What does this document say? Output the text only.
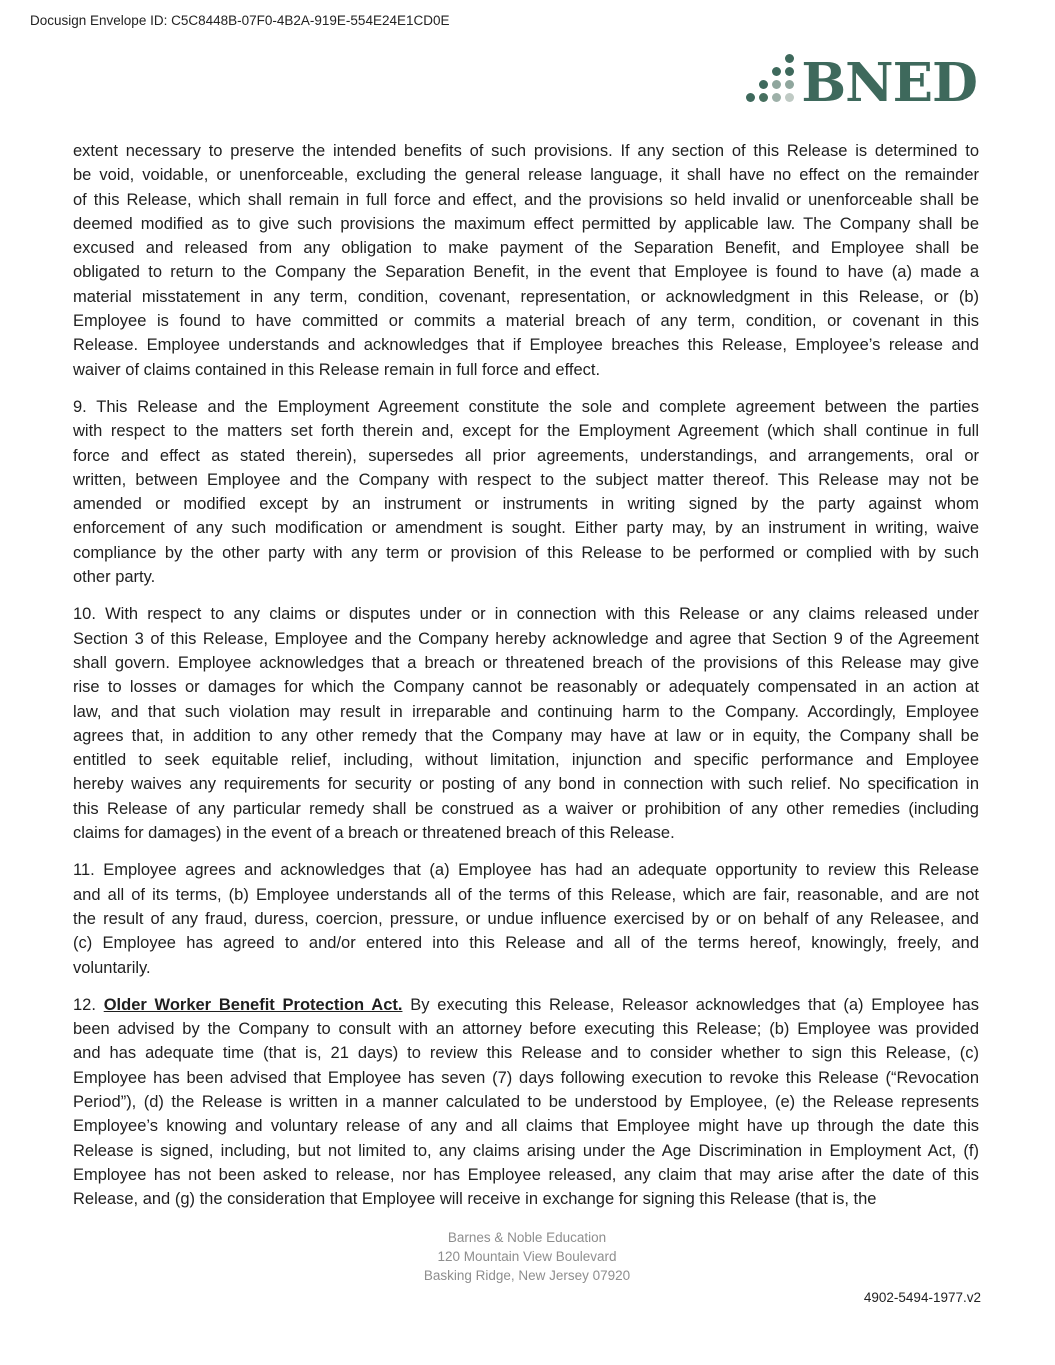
Docusign Envelope ID: C5C8448B-07F0-4B2A-919E-554E24E1CD0E
BNED
extent necessary to preserve the intended benefits of such provisions. If any section of this Release is determined to
be void, voidable, or unenforceable, excluding the general release language, it shall have no effect on the remainder
of this Release, which shall remain in full force and effect, and the provisions so held invalid or unenforceable shall be
deemed modified as to give such provisions the maximum effect permitted by applicable law. The Company shall be
excused and released from any obligation to make payment of the Separation Benefit, and Employee shall be
obligated to return to the Company the Separation Benefit, in the event that Employee is found to have (a) made a
material misstatement in any term, condition, covenant, representation, or acknowledgment in this Release, or (b)
Employee is found to have committed or commits a material breach of any term, condition, or covenant in this
Release. Employee understands and acknowledges that if Employee breaches this Release, Employee’s release and
waiver of claims contained in this Release remain in full force and effect.
9. This Release and the Employment Agreement constitute the sole and complete agreement between the parties
with respect to the matters set forth therein and, except for the Employment Agreement (which shall continue in full
force and effect as stated therein), supersedes all prior agreements, understandings, and arrangements, oral or
written, between Employee and the Company with respect to the subject matter thereof. This Release may not be
amended or modified except by an instrument or instruments in writing signed by the party against whom
enforcement of any such modification or amendment is sought. Either party may, by an instrument in writing, waive
compliance by the other party with any term or provision of this Release to be performed or complied with by such
other party.
10. With respect to any claims or disputes under or in connection with this Release or any claims released under
Section 3 of this Release, Employee and the Company hereby acknowledge and agree that Section 9 of the Agreement
shall govern. Employee acknowledges that a breach or threatened breach of the provisions of this Release may give
rise to losses or damages for which the Company cannot be reasonably or adequately compensated in an action at
law, and that such violation may result in irreparable and continuing harm to the Company. Accordingly, Employee
agrees that, in addition to any other remedy that the Company may have at law or in equity, the Company shall be
entitled to seek equitable relief, including, without limitation, injunction and specific performance and Employee
hereby waives any requirements for security or posting of any bond in connection with such relief. No specification in
this Release of any particular remedy shall be construed as a waiver or prohibition of any other remedies (including
claims for damages) in the event of a breach or threatened breach of this Release.
11. Employee agrees and acknowledges that (a) Employee has had an adequate opportunity to review this Release
and all of its terms, (b) Employee understands all of the terms of this Release, which are fair, reasonable, and are not
the result of any fraud, duress, coercion, pressure, or undue influence exercised by or on behalf of any Releasee, and
(c) Employee has agreed to and/or entered into this Release and all of the terms hereof, knowingly, freely, and
voluntarily.
12. Older Worker Benefit Protection Act. By executing this Release, Releasor acknowledges that (a) Employee has
been advised by the Company to consult with an attorney before executing this Release; (b) Employee was provided
and has adequate time (that is, 21 days) to review this Release and to consider whether to sign this Release, (c)
Employee has been advised that Employee has seven (7) days following execution to revoke this Release (“Revocation
Period”), (d) the Release is written in a manner calculated to be understood by Employee, (e) the Release represents
Employee’s knowing and voluntary release of any and all claims that Employee might have up through the date this
Release is signed, including, but not limited to, any claims arising under the Age Discrimination in Employment Act, (f)
Employee has not been asked to release, nor has Employee released, any claim that may arise after the date of this
Release, and (g) the consideration that Employee will receive in exchange for signing this Release (that is, the
Barnes & Noble Education
120 Mountain View Boulevard
Basking Ridge, New Jersey 07920
4902-5494-1977.v2
